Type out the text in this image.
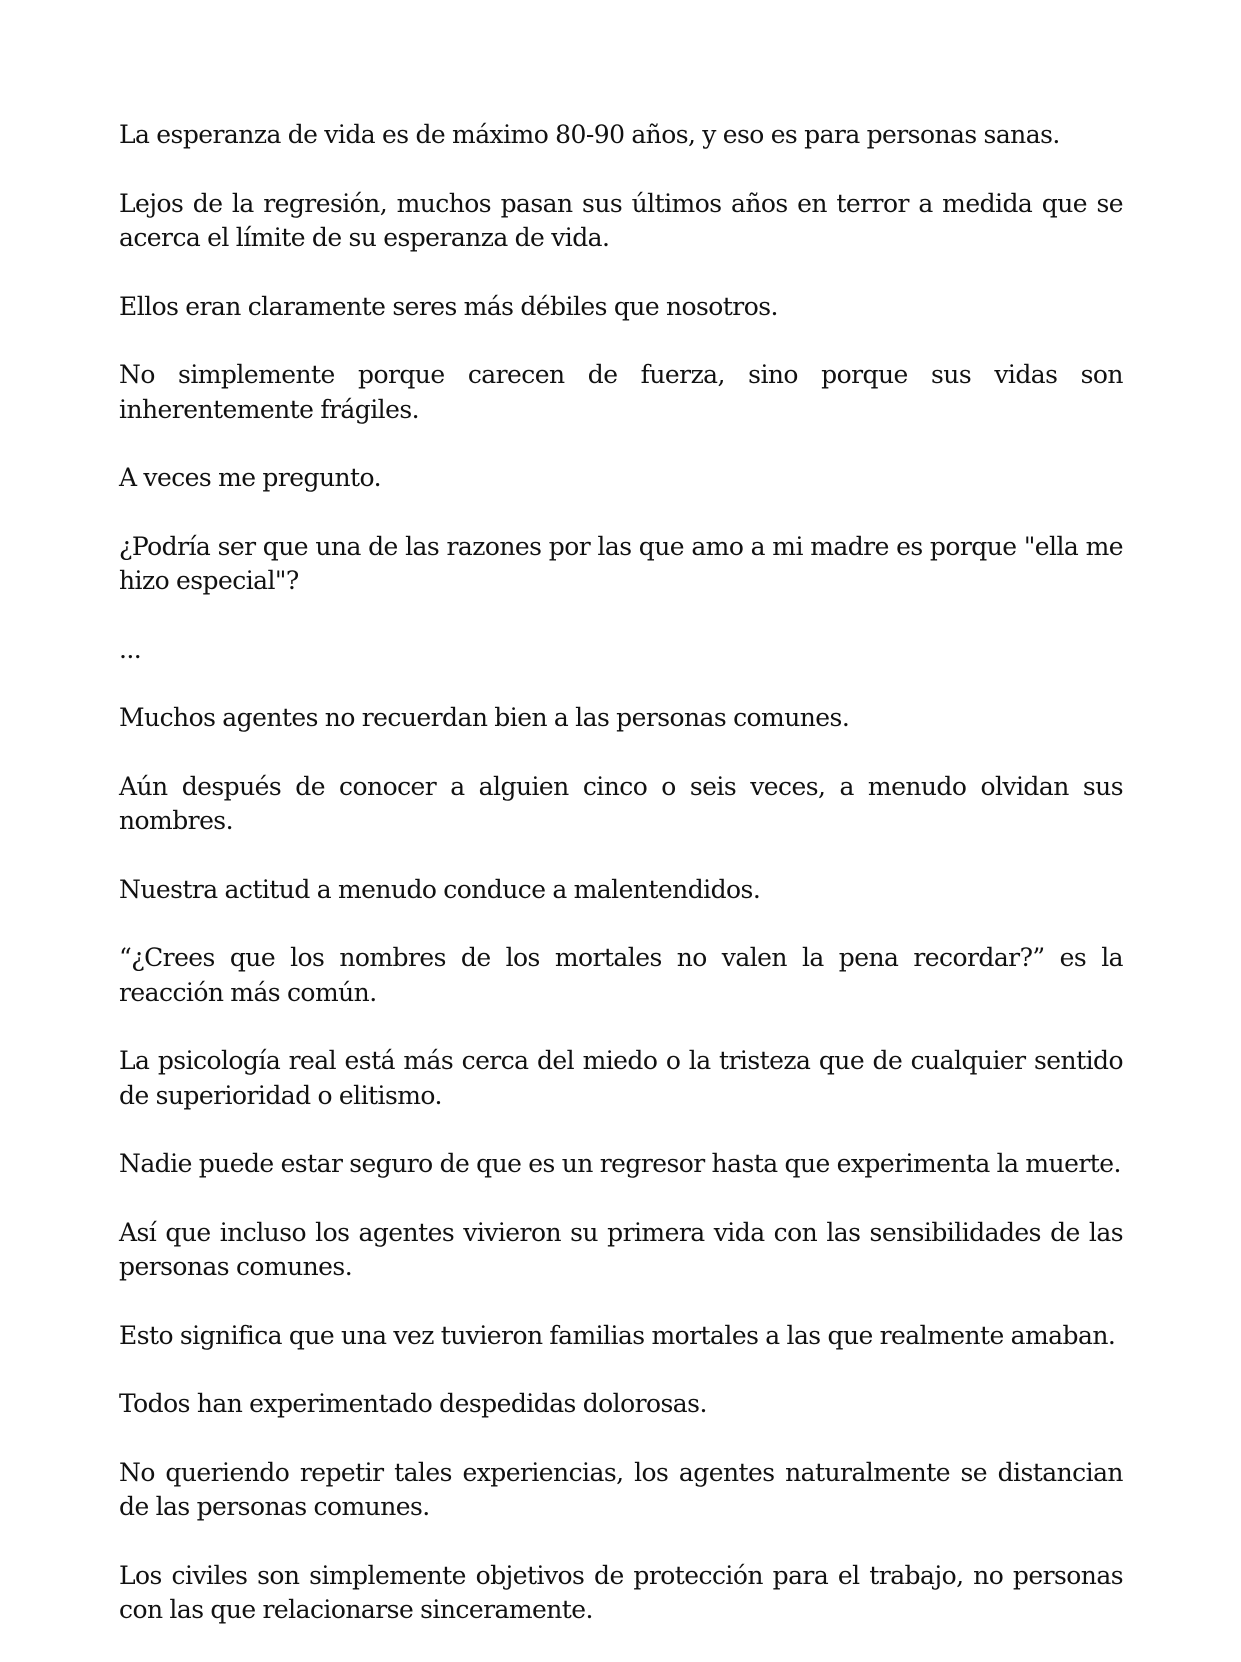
La esperanza de vida es de máximo 80-90 años, y eso es para personas sanas.

Lejos de la regresión, muchos pasan sus últimos años en terror a medida que se acerca el límite de su esperanza de vida.

Ellos eran claramente seres más débiles que nosotros.

No simplemente porque carecen de fuerza, sino porque sus vidas son inherentemente frágiles.

A veces me pregunto.

¿Podría ser que una de las razones por las que amo a mi madre es porque "ella me hizo especial"?

...

Muchos agentes no recuerdan bien a las personas comunes.

Aún después de conocer a alguien cinco o seis veces, a menudo olvidan sus nombres.

Nuestra actitud a menudo conduce a malentendidos.

“¿Crees que los nombres de los mortales no valen la pena recordar?” es la reacción más común.

La psicología real está más cerca del miedo o la tristeza que de cualquier sentido de superioridad o elitismo.

Nadie puede estar seguro de que es un regresor hasta que experimenta la muerte.

Así que incluso los agentes vivieron su primera vida con las sensibilidades de las personas comunes.

Esto significa que una vez tuvieron familias mortales a las que realmente amaban.

Todos han experimentado despedidas dolorosas.

No queriendo repetir tales experiencias, los agentes naturalmente se distancian de las personas comunes.

Los civiles son simplemente objetivos de protección para el trabajo, no personas con las que relacionarse sinceramente.
